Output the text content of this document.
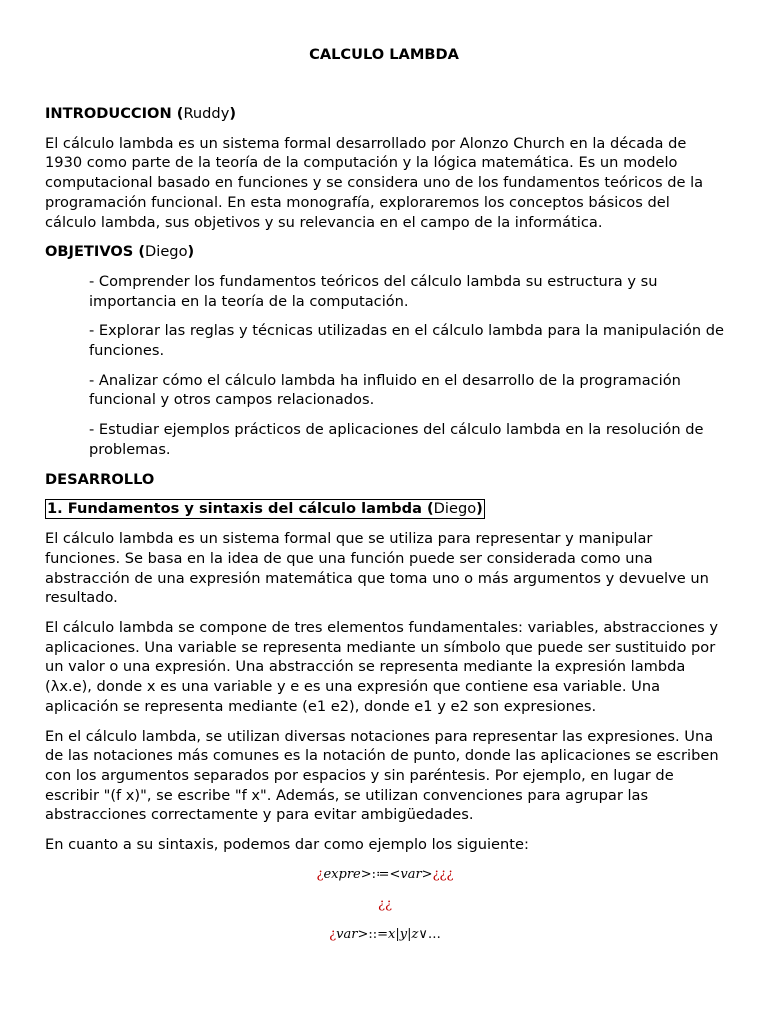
CALCULO LAMBDA
INTRODUCCION (Ruddy)

El cálculo lambda es un sistema formal desarrollado por Alonzo Church en la década de 1930 como parte de la teoría de la computación y la lógica matemática. Es un modelo computacional basado en funciones y se considera uno de los fundamentos teóricos de la programación funcional. En esta monografía, exploraremos los conceptos básicos del cálculo lambda, sus objetivos y su relevancia en el campo de la informática.

OBJETIVOS (Diego)
- Comprender los fundamentos teóricos del cálculo lambda su estructura y su importancia en la teoría de la computación.
- Explorar las reglas y técnicas utilizadas en el cálculo lambda para la manipulación de funciones.
- Analizar cómo el cálculo lambda ha influido en el desarrollo de la programación funcional y otros campos relacionados.
- Estudiar ejemplos prácticos de aplicaciones del cálculo lambda en la resolución de problemas.
DESARROLLO
1. Fundamentos y sintaxis del cálculo lambda (Diego)

El cálculo lambda es un sistema formal que se utiliza para representar y manipular funciones. Se basa en la idea de que una función puede ser considerada como una abstracción de una expresión matemática que toma uno o más argumentos y devuelve un resultado.

El cálculo lambda se compone de tres elementos fundamentales: variables, abstracciones y aplicaciones. Una variable se representa mediante un símbolo que puede ser sustituido por un valor o una expresión. Una abstracción se representa mediante la expresión lambda (λx.e), donde x es una variable y e es una expresión que contiene esa variable. Una aplicación se representa mediante (e1 e2), donde e1 y e2 son expresiones.

En el cálculo lambda, se utilizan diversas notaciones para representar las expresiones. Una de las notaciones más comunes es la notación de punto, donde las aplicaciones se escriben con los argumentos separados por espacios y sin paréntesis. Por ejemplo, en lugar de escribir "(f x)", se escribe "f x". Además, se utilizan convenciones para agrupar las abstracciones correctamente y para evitar ambigüedades.

En cuanto a su sintaxis, podemos dar como ejemplo los siguiente:

¿expre>:≔<var>¿¿¿
¿¿
¿var>::=x|y|z∨…
